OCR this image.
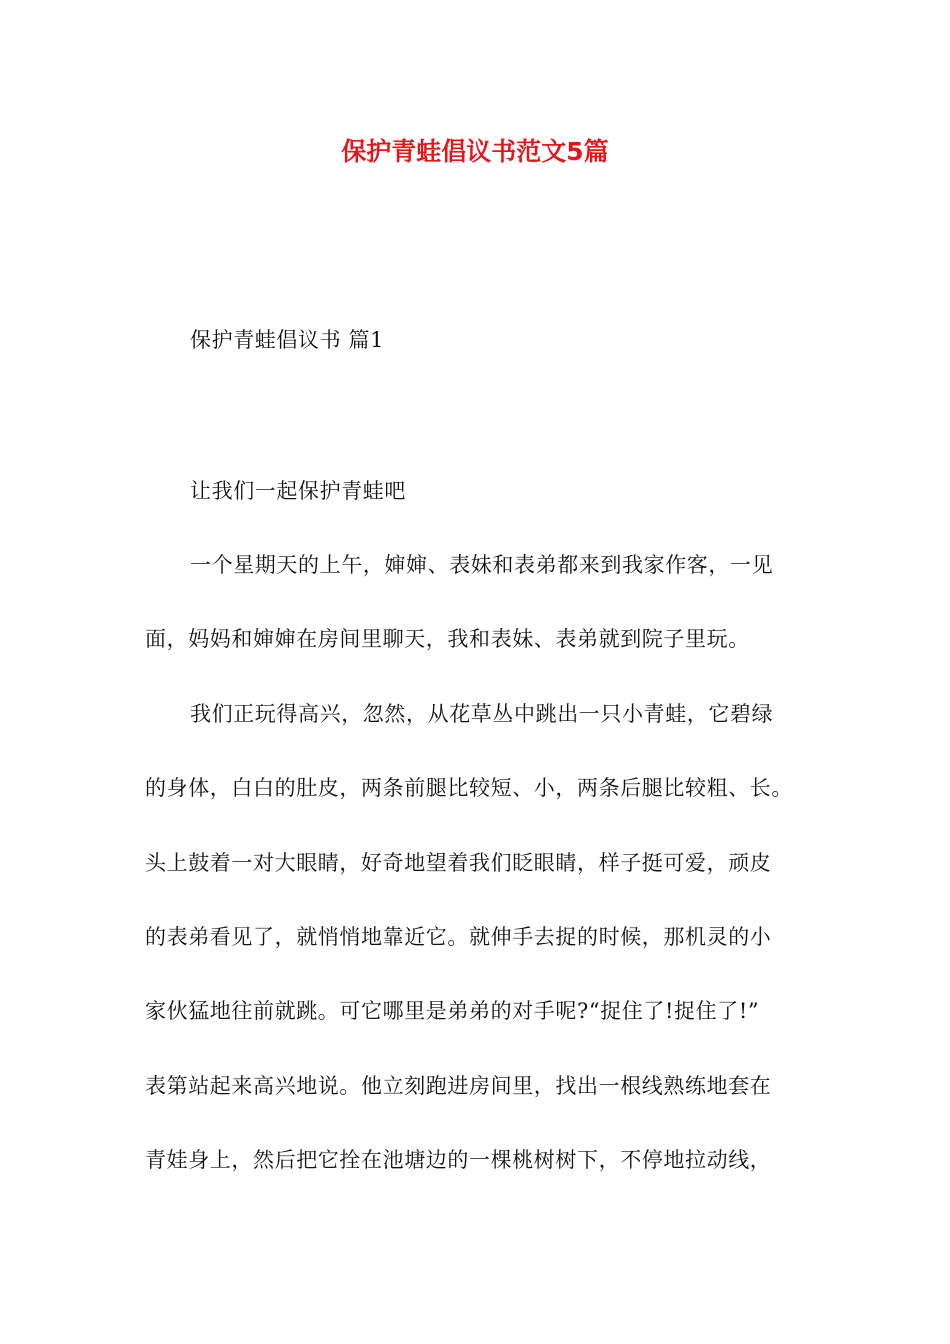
保护青蛙倡议书范文5篇
保护青蛙倡议书 篇1
让我们一起保护青蛙吧
一个星期天的上午，婶婶、表妹和表弟都来到我家作客，一见
面，妈妈和婶婶在房间里聊天，我和表妹、表弟就到院子里玩。
我们正玩得高兴，忽然，从花草丛中跳出一只小青蛙，它碧绿
的身体，白白的肚皮，两条前腿比较短、小，两条后腿比较粗、长。
头上鼓着一对大眼睛，好奇地望着我们眨眼睛，样子挺可爱，顽皮
的表弟看见了，就悄悄地靠近它。就伸手去捉的时候，那机灵的小
家伙猛地往前就跳。可它哪里是弟弟的对手呢?“捉住了!捉住了!”
表第站起来高兴地说。他立刻跑进房间里，找出一根线熟练地套在
青娃身上，然后把它拴在池塘边的一棵桃树树下，不停地拉动线，
